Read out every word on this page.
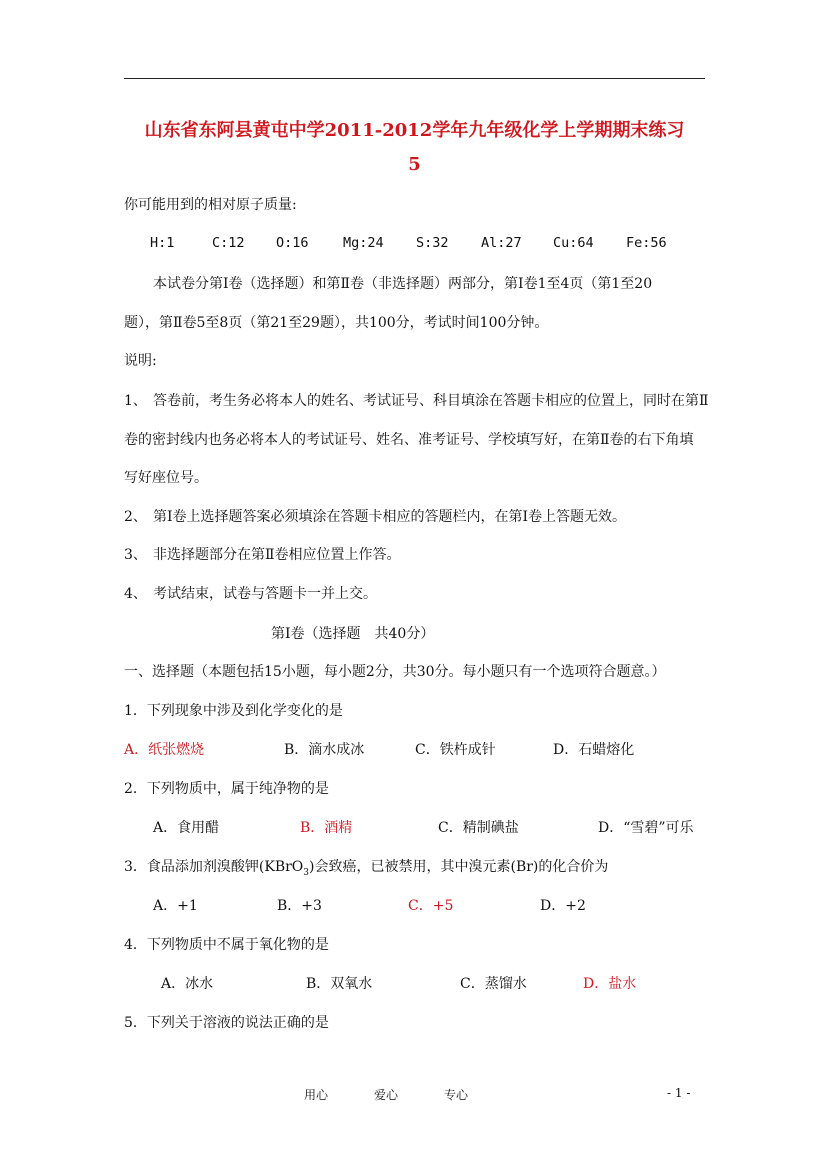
山东省东阿县黄屯中学2011-2012学年九年级化学上学期期末练习
5
你可能用到的相对原子质量:
H:1	C:12 O:16	Mg:24 S:32 Al:27 Cu:64 Fe:56
本试卷分第Ⅰ卷（选择题）和第Ⅱ卷（非选择题）两部分，第Ⅰ卷1至4页（第1至20
题），第Ⅱ卷5至8页（第21至29题），共100分，考试时间100分钟。
说明:
1、 答卷前，考生务必将本人的姓名、考试证号、科目填涂在答题卡相应的位置上，同时在第Ⅱ
卷的密封线内也务必将本人的考试证号、姓名、准考证号、学校填写好，在第Ⅱ卷的右下角填
写好座位号。
2、 第Ⅰ卷上选择题答案必须填涂在答题卡相应的答题栏内，在第Ⅰ卷上答题无效。
3、 非选择题部分在第Ⅱ卷相应位置上作答。
4、 考试结束，试卷与答题卡一并上交。
第Ⅰ卷（选择题　共40分）
一、选择题（本题包括15小题，每小题2分，共30分。每小题只有一个选项符合题意。）
1．下列现象中涉及到化学变化的是
A．纸张燃烧	B．滴水成冰	C．铁杵成针	D．石蜡熔化
2．下列物质中，属于纯净物的是
A．食用醋	B．酒精	C．精制碘盐	D．“雪碧”可乐
3．食品添加剂溴酸钾(KBrO$_3$)会致癌，已被禁用，其中溴元素(Br)的化合价为
A．+1	B．+3	C．+5	D．+2
4．下列物质中不属于氧化物的是
A．冰水	B．双氧水	C．蒸馏水	D．盐水
5．下列关于溶液的说法正确的是
用心	爱心	专心	- 1 -
